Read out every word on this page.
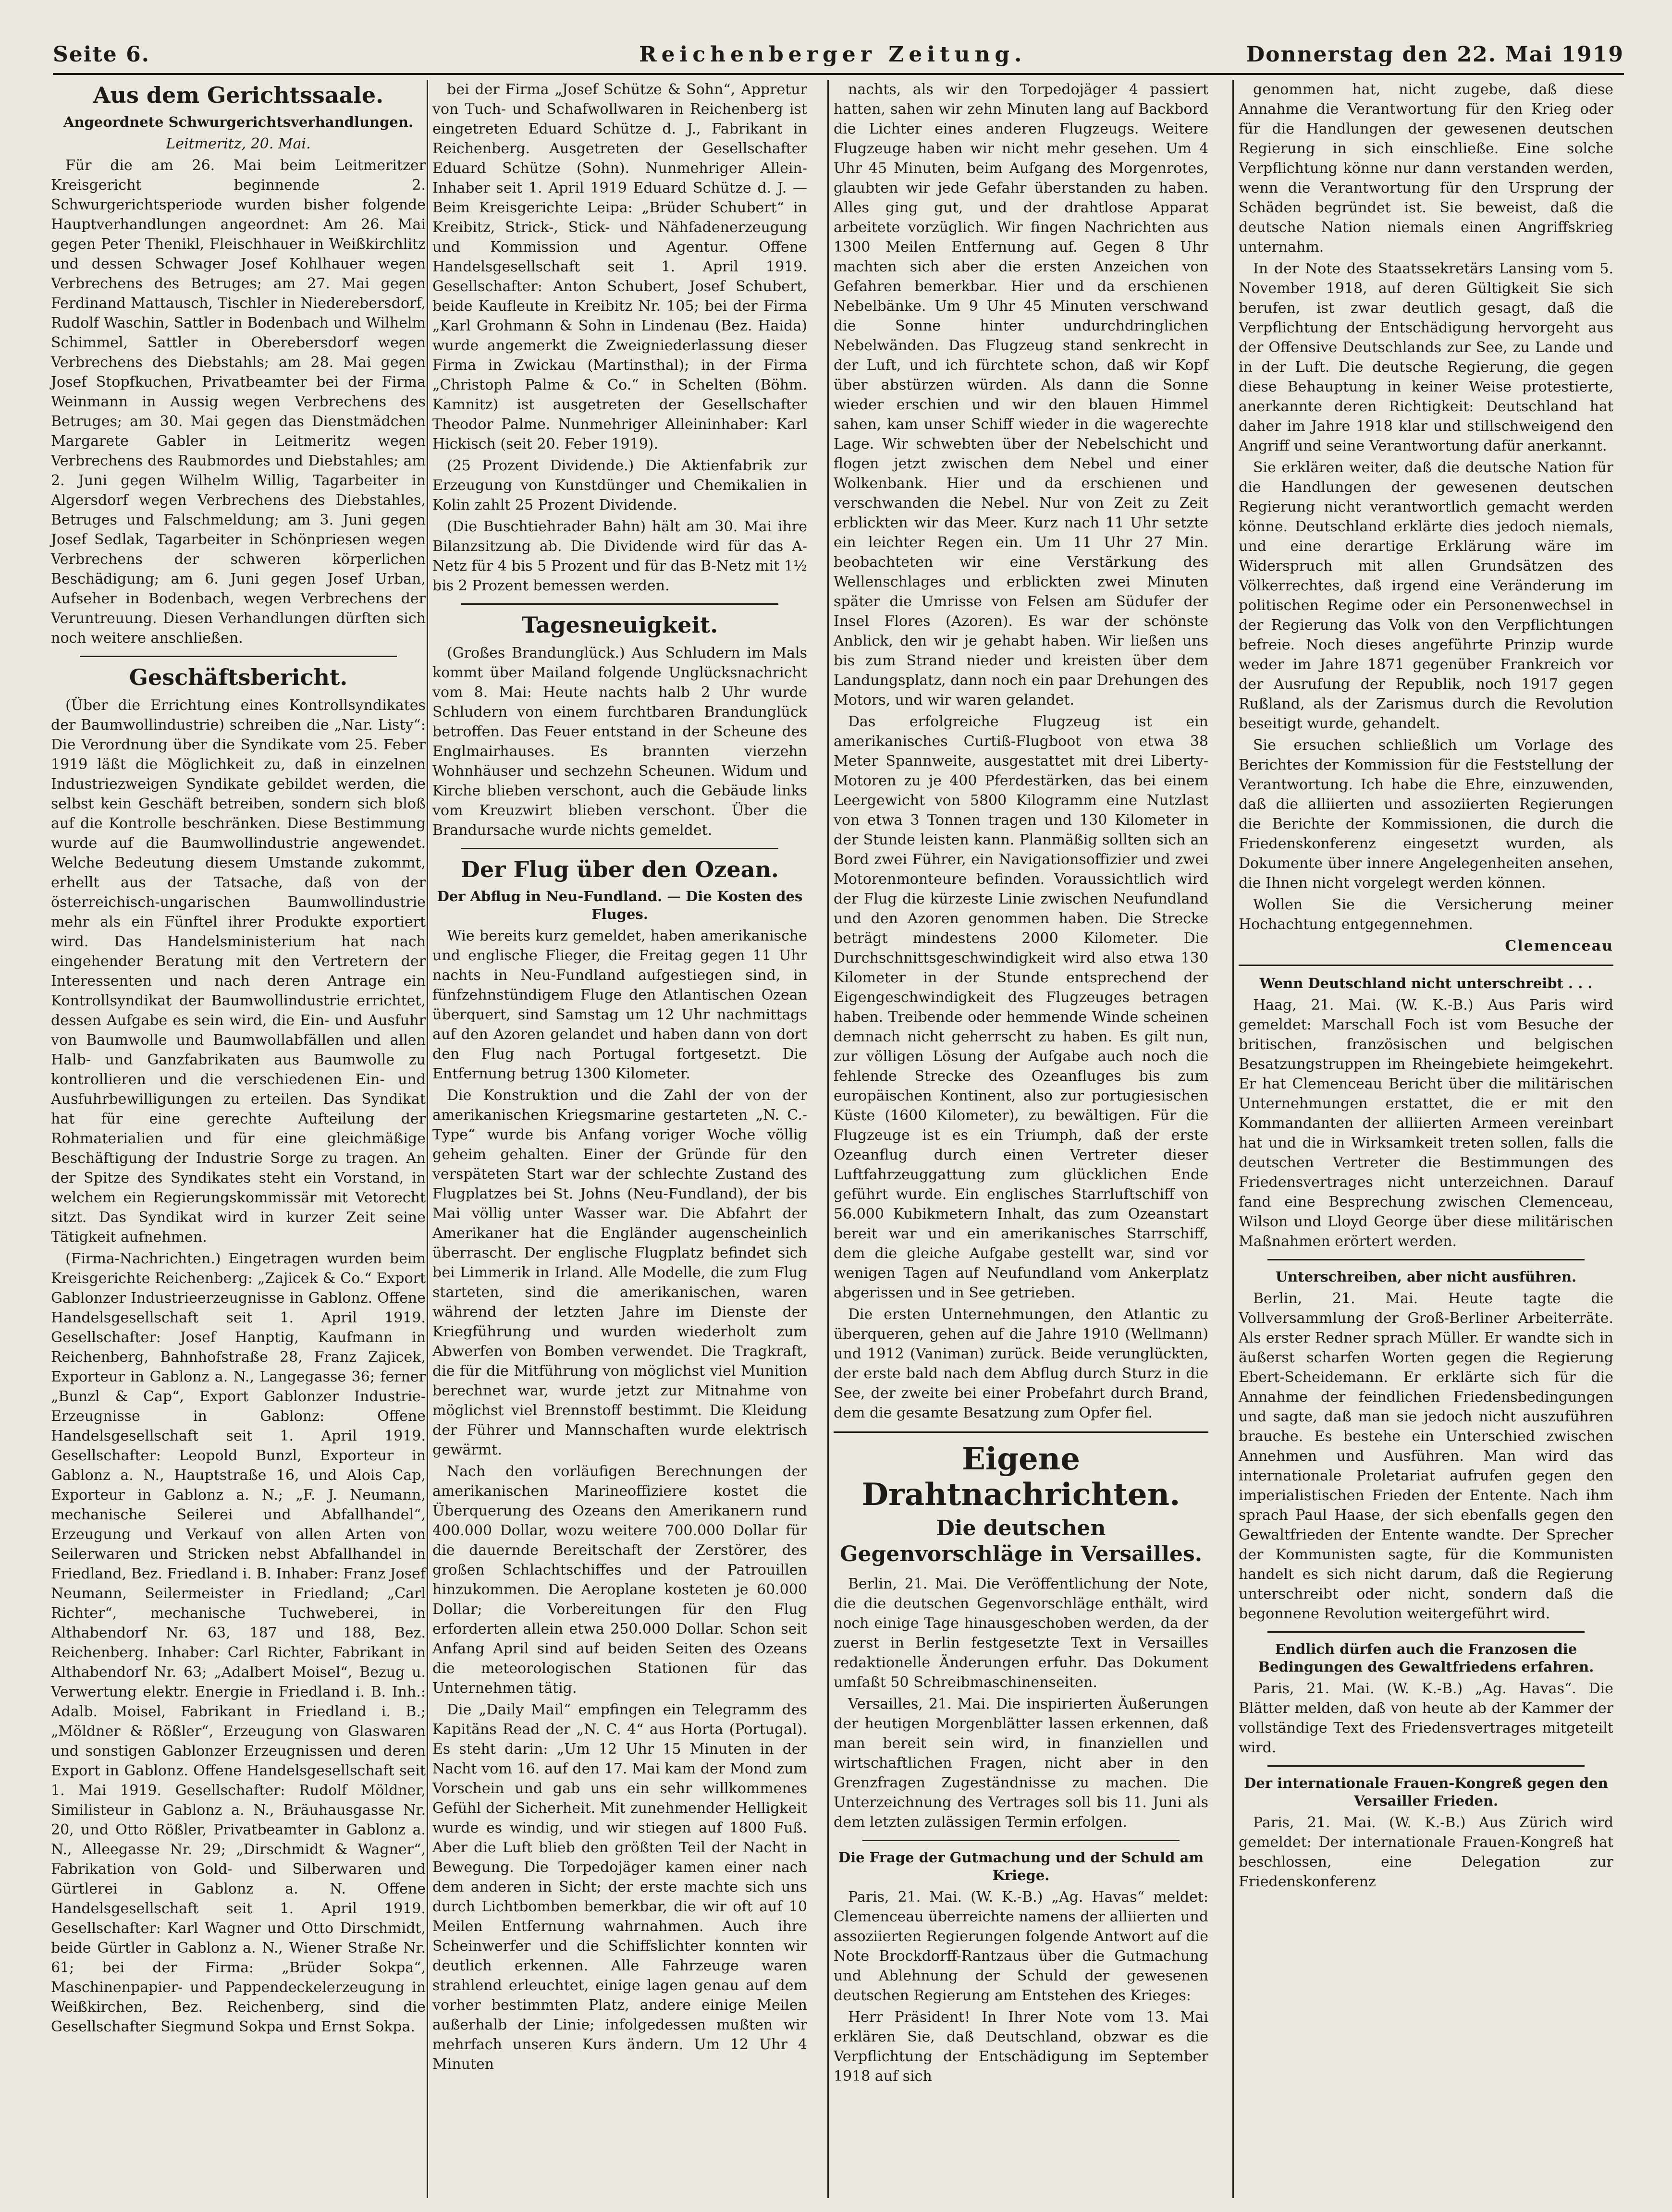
Seite 6.	Reichenberger Zeitung.	Donnerstag den 22. Mai 1919
Aus dem Gerichtssaale.
Angeordnete Schwurgerichtsverhandlungen.

Leitmeritz, 20. Mai.

Für die am 26. Mai beim Leitmeritzer Kreisgericht beginnende 2. Schwurgerichtsperiode wurden bisher folgende Hauptverhandlungen angeordnet: Am 26. Mai gegen Peter Thenikl, Fleischhauer in Weißkirchlitz und dessen Schwager Josef Kohlhauer wegen Verbrechens des Betruges; am 27. Mai gegen Ferdinand Mattausch, Tischler in Niederebersdorf, Rudolf Waschin, Sattler in Bodenbach und Wilhelm Schimmel, Sattler in Oberebersdorf wegen Verbrechens des Diebstahls; am 28. Mai gegen Josef Stopfkuchen, Privatbeamter bei der Firma Weinmann in Aussig wegen Verbrechens des Betruges; am 30. Mai gegen das Dienstmädchen Margarete Gabler in Leitmeritz wegen Verbrechens des Raubmordes und Diebstahles; am 2. Juni gegen Wilhelm Willig, Tagarbeiter in Algersdorf wegen Verbrechens des Diebstahles, Betruges und Falschmeldung; am 3. Juni gegen Josef Sedlak, Tagarbeiter in Schönpriesen wegen Verbrechens der schweren körperlichen Beschädigung; am 6. Juni gegen Josef Urban, Aufseher in Bodenbach, wegen Verbrechens der Veruntreuung. Diesen Verhandlungen dürften sich noch weitere anschließen.

Geschäftsbericht.

(Über die Errichtung eines Kontrollsyndikates der Baumwollindustrie) schreiben die „Nar. Listy“: Die Verordnung über die Syndikate vom 25. Feber 1919 läßt die Möglichkeit zu, daß in einzelnen Industriezweigen Syndikate gebildet werden, die selbst kein Geschäft betreiben, sondern sich bloß auf die Kontrolle beschränken. Diese Bestimmung wurde auf die Baumwollindustrie angewendet. Welche Bedeutung diesem Umstande zukommt, erhellt aus der Tatsache, daß von der österreichisch-ungarischen Baumwollindustrie mehr als ein Fünftel ihrer Produkte exportiert wird. Das Handelsministerium hat nach eingehender Beratung mit den Vertretern der Interessenten und nach deren Antrage ein Kontrollsyndikat der Baumwollindustrie errichtet, dessen Aufgabe es sein wird, die Ein- und Ausfuhr von Baumwolle und Baumwollabfällen und allen Halb- und Ganzfabrikaten aus Baumwolle zu kontrollieren und die verschiedenen Ein- und Ausfuhrbewilligungen zu erteilen. Das Syndikat hat für eine gerechte Aufteilung der Rohmaterialien und für eine gleichmäßige Beschäftigung der Industrie Sorge zu tragen. An der Spitze des Syndikates steht ein Vorstand, in welchem ein Regierungskommissär mit Vetorecht sitzt. Das Syndikat wird in kurzer Zeit seine Tätigkeit aufnehmen.

(Firma-Nachrichten.) Eingetragen wurden beim Kreisgerichte Reichenberg: „Zajicek & Co.“ Export Gablonzer Industrieerzeugnisse in Gablonz. Offene Handelsgesellschaft seit 1. April 1919. Gesellschafter: Josef Hanptig, Kaufmann in Reichenberg, Bahnhofstraße 28, Franz Zajicek, Exporteur in Gablonz a. N., Langegasse 36; ferner „Bunzl & Cap“, Export Gablonzer Industrie-Erzeugnisse in Gablonz: Offene Handelsgesellschaft seit 1. April 1919. Gesellschafter: Leopold Bunzl, Exporteur in Gablonz a. N., Hauptstraße 16, und Alois Cap, Exporteur in Gablonz a. N.; „F. J. Neumann, mechanische Seilerei und Abfallhandel“, Erzeugung und Verkauf von allen Arten von Seilerwaren und Stricken nebst Abfallhandel in Friedland, Bez. Friedland i. B. Inhaber: Franz Josef Neumann, Seilermeister in Friedland; „Carl Richter“, mechanische Tuchweberei, in Althabendorf Nr. 63, 187 und 188, Bez. Reichenberg. Inhaber: Carl Richter, Fabrikant in Althabendorf Nr. 63; „Adalbert Moisel“, Bezug u. Verwertung elektr. Energie in Friedland i. B. Inh.: Adalb. Moisel, Fabrikant in Friedland i. B.; „Möldner & Rößler“, Erzeugung von Glaswaren und sonstigen Gablonzer Erzeugnissen und deren Export in Gablonz. Offene Handelsgesellschaft seit 1. Mai 1919. Gesellschafter: Rudolf Möldner, Similisteur in Gablonz a. N., Bräuhausgasse Nr. 20, und Otto Rößler, Privatbeamter in Gablonz a. N., Alleegasse Nr. 29; „Dirschmidt & Wagner“, Fabrikation von Gold- und Silberwaren und Gürtlerei in Gablonz a. N. Offene Handelsgesellschaft seit 1. April 1919. Gesellschafter: Karl Wagner und Otto Dirschmidt, beide Gürtler in Gablonz a. N., Wiener Straße Nr. 61; bei der Firma: „Brüder Sokpa“, Maschinenpapier- und Pappendeckelerzeugung in Weißkirchen, Bez. Reichenberg, sind die Gesellschafter Siegmund Sokpa und Ernst Sokpa.

bei der Firma „Josef Schütze & Sohn“, Appretur von Tuch- und Schafwollwaren in Reichenberg ist eingetreten Eduard Schütze d. J., Fabrikant in Reichenberg. Ausgetreten der Gesellschafter Eduard Schütze (Sohn). Nunmehriger Allein-Inhaber seit 1. April 1919 Eduard Schütze d. J. — Beim Kreisgerichte Leipa: „Brüder Schubert“ in Kreibitz, Strick-, Stick- und Nähfadenerzeugung und Kommission und Agentur. Offene Handelsgesellschaft seit 1. April 1919. Gesellschafter: Anton Schubert, Josef Schubert, beide Kaufleute in Kreibitz Nr. 105; bei der Firma „Karl Grohmann & Sohn in Lindenau (Bez. Haida) wurde angemerkt die Zweigniederlassung dieser Firma in Zwickau (Martinsthal); in der Firma „Christoph Palme & Co.“ in Schelten (Böhm. Kamnitz) ist ausgetreten der Gesellschafter Theodor Palme. Nunmehriger Alleininhaber: Karl Hickisch (seit 20. Feber 1919).

(25 Prozent Dividende.) Die Aktienfabrik zur Erzeugung von Kunstdünger und Chemikalien in Kolin zahlt 25 Prozent Dividende.

(Die Buschtiehrader Bahn) hält am 30. Mai ihre Bilanzsitzung ab. Die Dividende wird für das A-Netz für 4 bis 5 Prozent und für das B-Netz mit 1½ bis 2 Prozent bemessen werden.

Tagesneuigkeit.

(Großes Brandunglück.) Aus Schludern im Mals kommt über Mailand folgende Unglücksnachricht vom 8. Mai: Heute nachts halb 2 Uhr wurde Schludern von einem furchtbaren Brandunglück betroffen. Das Feuer entstand in der Scheune des Englmairhauses. Es brannten vierzehn Wohnhäuser und sechzehn Scheunen. Widum und Kirche blieben verschont, auch die Gebäude links vom Kreuzwirt blieben verschont. Über die Brandursache wurde nichts gemeldet.

Der Flug über den Ozean.
Der Abflug in Neu-Fundland. — Die Kosten des Fluges.

Wie bereits kurz gemeldet, haben amerikanische und englische Flieger, die Freitag gegen 11 Uhr nachts in Neu-Fundland aufgestiegen sind, in fünfzehnstündigem Fluge den Atlantischen Ozean überquert, sind Samstag um 12 Uhr nachmittags auf den Azoren gelandet und haben dann von dort den Flug nach Portugal fortgesetzt. Die Entfernung betrug 1300 Kilometer.

Die Konstruktion und die Zahl der von der amerikanischen Kriegsmarine gestarteten „N. C.-Type“ wurde bis Anfang voriger Woche völlig geheim gehalten. Einer der Gründe für den verspäteten Start war der schlechte Zustand des Flugplatzes bei St. Johns (Neu-Fundland), der bis Mai völlig unter Wasser war. Die Abfahrt der Amerikaner hat die Engländer augenscheinlich überrascht. Der englische Flugplatz befindet sich bei Limmerik in Irland. Alle Modelle, die zum Flug starteten, sind die amerikanischen, waren während der letzten Jahre im Dienste der Kriegführung und wurden wiederholt zum Abwerfen von Bomben verwendet. Die Tragkraft, die für die Mitführung von möglichst viel Munition berechnet war, wurde jetzt zur Mitnahme von möglichst viel Brennstoff bestimmt. Die Kleidung der Führer und Mannschaften wurde elektrisch gewärmt.

Nach den vorläufigen Berechnungen der amerikanischen Marineoffiziere kostet die Überquerung des Ozeans den Amerikanern rund 400.000 Dollar, wozu weitere 700.000 Dollar für die dauernde Bereitschaft der Zerstörer, des großen Schlachtschiffes und der Patrouillen hinzukommen. Die Aeroplane kosteten je 60.000 Dollar; die Vorbereitungen für den Flug erforderten allein etwa 250.000 Dollar. Schon seit Anfang April sind auf beiden Seiten des Ozeans die meteorologischen Stationen für das Unternehmen tätig.

Die „Daily Mail“ empfingen ein Telegramm des Kapitäns Read der „N. C. 4“ aus Horta (Portugal). Es steht darin: „Um 12 Uhr 15 Minuten in der Nacht vom 16. auf den 17. Mai kam der Mond zum Vorschein und gab uns ein sehr willkommenes Gefühl der Sicherheit. Mit zunehmender Helligkeit wurde es windig, und wir stiegen auf 1800 Fuß. Aber die Luft blieb den größten Teil der Nacht in Bewegung. Die Torpedojäger kamen einer nach dem anderen in Sicht; der erste machte sich uns durch Lichtbomben bemerkbar, die wir oft auf 10 Meilen Entfernung wahrnahmen. Auch ihre Scheinwerfer und die Schiffslichter konnten wir deutlich erkennen. Alle Fahrzeuge waren strahlend erleuchtet, einige lagen genau auf dem vorher bestimmten Platz, andere einige Meilen außerhalb der Linie; infolgedessen mußten wir mehrfach unseren Kurs ändern. Um 12 Uhr 4 Minuten

nachts, als wir den Torpedojäger 4 passiert hatten, sahen wir zehn Minuten lang auf Backbord die Lichter eines anderen Flugzeugs. Weitere Flugzeuge haben wir nicht mehr gesehen. Um 4 Uhr 45 Minuten, beim Aufgang des Morgenrotes, glaubten wir jede Gefahr überstanden zu haben. Alles ging gut, und der drahtlose Apparat arbeitete vorzüglich. Wir fingen Nachrichten aus 1300 Meilen Entfernung auf. Gegen 8 Uhr machten sich aber die ersten Anzeichen von Gefahren bemerkbar. Hier und da erschienen Nebelbänke. Um 9 Uhr 45 Minuten verschwand die Sonne hinter undurchdringlichen Nebelwänden. Das Flugzeug stand senkrecht in der Luft, und ich fürchtete schon, daß wir Kopf über abstürzen würden. Als dann die Sonne wieder erschien und wir den blauen Himmel sahen, kam unser Schiff wieder in die wagerechte Lage. Wir schwebten über der Nebelschicht und flogen jetzt zwischen dem Nebel und einer Wolkenbank. Hier und da erschienen und verschwanden die Nebel. Nur von Zeit zu Zeit erblickten wir das Meer. Kurz nach 11 Uhr setzte ein leichter Regen ein. Um 11 Uhr 27 Min. beobachteten wir eine Verstärkung des Wellenschlages und erblickten zwei Minuten später die Umrisse von Felsen am Südufer der Insel Flores (Azoren). Es war der schönste Anblick, den wir je gehabt haben. Wir ließen uns bis zum Strand nieder und kreisten über dem Landungsplatz, dann noch ein paar Drehungen des Motors, und wir waren gelandet.

Das erfolgreiche Flugzeug ist ein amerikanisches Curtiß-Flugboot von etwa 38 Meter Spannweite, ausgestattet mit drei Liberty-Motoren zu je 400 Pferdestärken, das bei einem Leergewicht von 5800 Kilogramm eine Nutzlast von etwa 3 Tonnen tragen und 130 Kilometer in der Stunde leisten kann. Planmäßig sollten sich an Bord zwei Führer, ein Navigationsoffizier und zwei Motorenmonteure befinden. Voraussichtlich wird der Flug die kürzeste Linie zwischen Neufundland und den Azoren genommen haben. Die Strecke beträgt mindestens 2000 Kilometer. Die Durchschnittsgeschwindigkeit wird also etwa 130 Kilometer in der Stunde entsprechend der Eigengeschwindigkeit des Flugzeuges betragen haben. Treibende oder hemmende Winde scheinen demnach nicht geherrscht zu haben. Es gilt nun, zur völligen Lösung der Aufgabe auch noch die fehlende Strecke des Ozeanfluges bis zum europäischen Kontinent, also zur portugiesischen Küste (1600 Kilometer), zu bewältigen. Für die Flugzeuge ist es ein Triumph, daß der erste Ozeanflug durch einen Vertreter dieser Luftfahrzeuggattung zum glücklichen Ende geführt wurde. Ein englisches Starrluftschiff von 56.000 Kubikmetern Inhalt, das zum Ozeanstart bereit war und ein amerikanisches Starrschiff, dem die gleiche Aufgabe gestellt war, sind vor wenigen Tagen auf Neufundland vom Ankerplatz abgerissen und in See getrieben.

Die ersten Unternehmungen, den Atlantic zu überqueren, gehen auf die Jahre 1910 (Wellmann) und 1912 (Vaniman) zurück. Beide verunglückten, der erste bald nach dem Abflug durch Sturz in die See, der zweite bei einer Probefahrt durch Brand, dem die gesamte Besatzung zum Opfer fiel.

Eigene Drahtnachrichten.
Die deutschen Gegenvorschläge in Versailles.

Berlin, 21. Mai. Die Veröffentlichung der Note, die die deutschen Gegenvorschläge enthält, wird noch einige Tage hinausgeschoben werden, da der zuerst in Berlin festgesetzte Text in Versailles redaktionelle Änderungen erfuhr. Das Dokument umfaßt 50 Schreibmaschinenseiten.

Versailles, 21. Mai. Die inspirierten Äußerungen der heutigen Morgenblätter lassen erkennen, daß man bereit sein wird, in finanziellen und wirtschaftlichen Fragen, nicht aber in den Grenzfragen Zugeständnisse zu machen. Die Unterzeichnung des Vertrages soll bis 11. Juni als dem letzten zulässigen Termin erfolgen.

Die Frage der Gutmachung und der Schuld am Kriege.

Paris, 21. Mai. (W. K.-B.) „Ag. Havas“ meldet: Clemenceau überreichte namens der alliierten und assoziierten Regierungen folgende Antwort auf die Note Brockdorff-Rantzaus über die Gutmachung und Ablehnung der Schuld der gewesenen deutschen Regierung am Entstehen des Krieges:

Herr Präsident! In Ihrer Note vom 13. Mai erklären Sie, daß Deutschland, obzwar es die Verpflichtung der Entschädigung im September 1918 auf sich

genommen hat, nicht zugebe, daß diese Annahme die Verantwortung für den Krieg oder für die Handlungen der gewesenen deutschen Regierung in sich einschließe. Eine solche Verpflichtung könne nur dann verstanden werden, wenn die Verantwortung für den Ursprung der Schäden begründet ist. Sie beweist, daß die deutsche Nation niemals einen Angriffskrieg unternahm.

In der Note des Staatssekretärs Lansing vom 5. November 1918, auf deren Gültigkeit Sie sich berufen, ist zwar deutlich gesagt, daß die Verpflichtung der Entschädigung hervorgeht aus der Offensive Deutschlands zur See, zu Lande und in der Luft. Die deutsche Regierung, die gegen diese Behauptung in keiner Weise protestierte, anerkannte deren Richtigkeit: Deutschland hat daher im Jahre 1918 klar und stillschweigend den Angriff und seine Verantwortung dafür anerkannt.

Sie erklären weiter, daß die deutsche Nation für die Handlungen der gewesenen deutschen Regierung nicht verantwortlich gemacht werden könne. Deutschland erklärte dies jedoch niemals, und eine derartige Erklärung wäre im Widerspruch mit allen Grundsätzen des Völkerrechtes, daß irgend eine Veränderung im politischen Regime oder ein Personenwechsel in der Regierung das Volk von den Verpflichtungen befreie. Noch dieses angeführte Prinzip wurde weder im Jahre 1871 gegenüber Frankreich vor der Ausrufung der Republik, noch 1917 gegen Rußland, als der Zarismus durch die Revolution beseitigt wurde, gehandelt.

Sie ersuchen schließlich um Vorlage des Berichtes der Kommission für die Feststellung der Verantwortung. Ich habe die Ehre, einzuwenden, daß die alliierten und assoziierten Regierungen die Berichte der Kommissionen, die durch die Friedenskonferenz eingesetzt wurden, als Dokumente über innere Angelegenheiten ansehen, die Ihnen nicht vorgelegt werden können.

Wollen Sie die Versicherung meiner Hochachtung entgegennehmen.

Clemenceau

Wenn Deutschland nicht unterschreibt . . .

Haag, 21. Mai. (W. K.-B.) Aus Paris wird gemeldet: Marschall Foch ist vom Besuche der britischen, französischen und belgischen Besatzungstruppen im Rheingebiete heimgekehrt. Er hat Clemenceau Bericht über die militärischen Unternehmungen erstattet, die er mit den Kommandanten der alliierten Armeen vereinbart hat und die in Wirksamkeit treten sollen, falls die deutschen Vertreter die Bestimmungen des Friedensvertrages nicht unterzeichnen. Darauf fand eine Besprechung zwischen Clemenceau, Wilson und Lloyd George über diese militärischen Maßnahmen erörtert werden.

Unterschreiben, aber nicht ausführen.

Berlin, 21. Mai. Heute tagte die Vollversammlung der Groß-Berliner Arbeiterräte. Als erster Redner sprach Müller. Er wandte sich in äußerst scharfen Worten gegen die Regierung Ebert-Scheidemann. Er erklärte sich für die Annahme der feindlichen Friedensbedingungen und sagte, daß man sie jedoch nicht auszuführen brauche. Es bestehe ein Unterschied zwischen Annehmen und Ausführen. Man wird das internationale Proletariat aufrufen gegen den imperialistischen Frieden der Entente. Nach ihm sprach Paul Haase, der sich ebenfalls gegen den Gewaltfrieden der Entente wandte. Der Sprecher der Kommunisten sagte, für die Kommunisten handelt es sich nicht darum, daß die Regierung unterschreibt oder nicht, sondern daß die begonnene Revolution weitergeführt wird.

Endlich dürfen auch die Franzosen die Bedingungen des Gewaltfriedens erfahren.

Paris, 21. Mai. (W. K.-B.) „Ag. Havas“. Die Blätter melden, daß von heute ab der Kammer der vollständige Text des Friedensvertrages mitgeteilt wird.

Der internationale Frauen-Kongreß gegen den Versailler Frieden.

Paris, 21. Mai. (W. K.-B.) Aus Zürich wird gemeldet: Der internationale Frauen-Kongreß hat beschlossen, eine Delegation zur Friedenskonferenz
